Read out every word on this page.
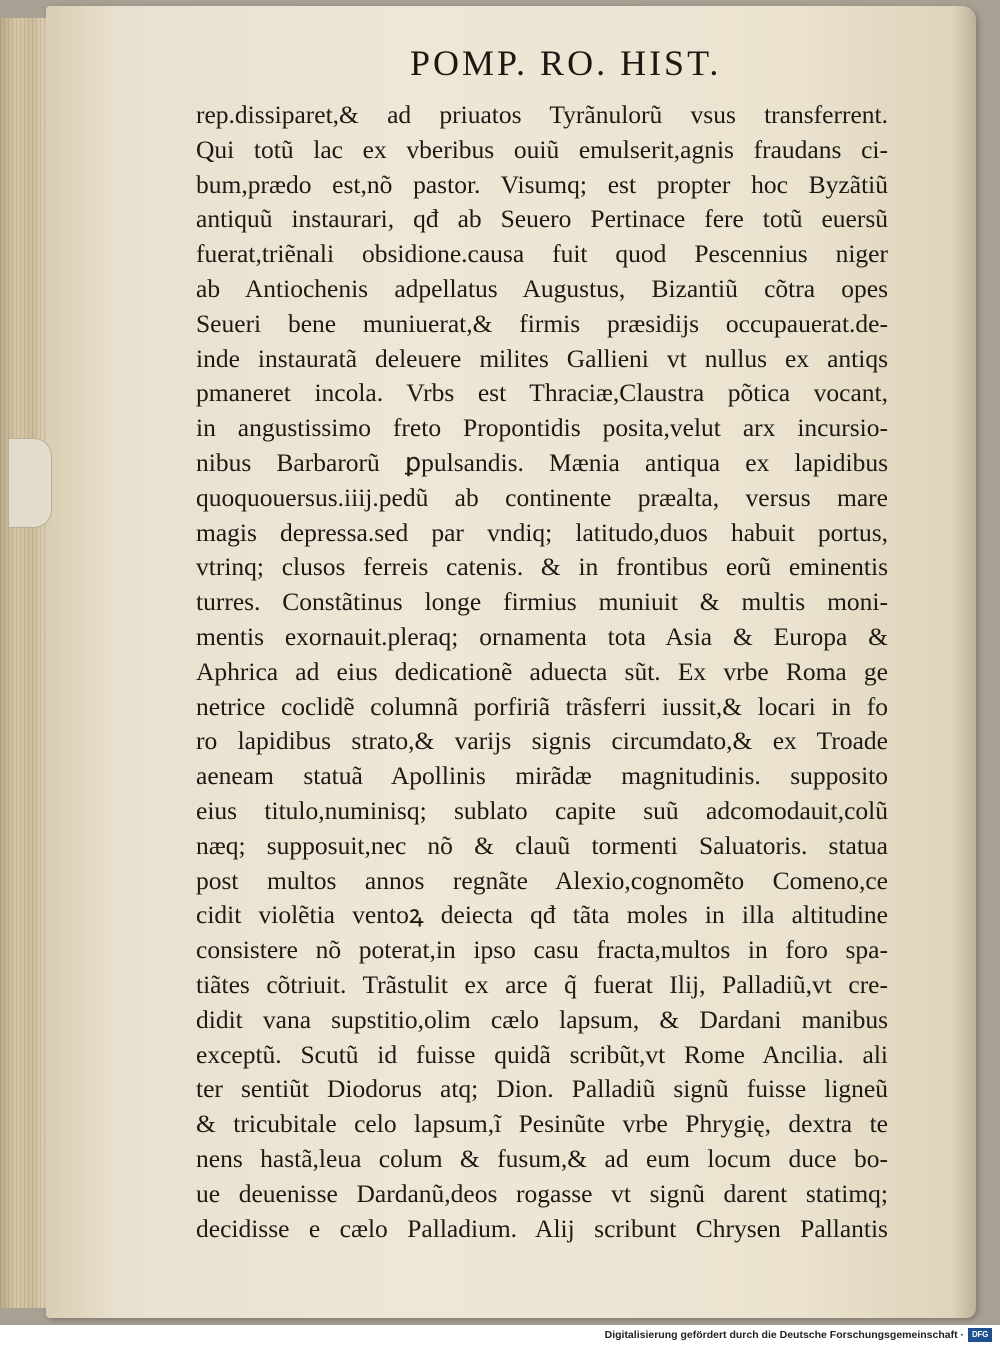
POMP. RO. HIST.
rep.dissiparet,& ad priuatos Tyrãnulorũ vsus transferrent.
Qui totũ lac ex vberibus ouiũ emulserit,agnis fraudans ci-
bum,prædo est,nõ pastor. Visumq; est propter hoc Byzãtiũ
antiquũ instaurari, qđ ab Seuero Pertinace fere totũ euersũ
fuerat,triẽnali obsidione.causa fuit quod Pescennius niger
ab Antiochenis adpellatus Augustus, Bizantiũ cõtra opes
Seueri bene muniuerat,& firmis præsidijs occupauerat.de-
inde instauratã deleuere milites Gallieni vt nullus ex antiqs
pmaneret incola. Vrbs est Thraciæ,Claustra põtica vocant,
in angustissimo freto Propontidis posita,velut arx incursio-
nibus Barbarorũ ꝑpulsandis. Mænia antiqua ex lapidibus
quoquouersus.iiij.pedũ ab continente præalta, versus mare
magis depressa.sed par vndiq; latitudo,duos habuit portus,
vtrinq; clusos ferreis catenis. & in frontibus eorũ eminentis
turres. Constãtinus longe firmius muniuit & multis moni-
mentis exornauit.pleraq; ornamenta tota Asia & Europa &
Aphrica ad eius dedicationẽ aduecta sũt. Ex vrbe Roma ge
netrice coclidẽ columnã porfiriã trãsferri iussit,& locari in fo
ro lapidibus strato,& varijs signis circumdato,& ex Troade
aeneam statuã Apollinis mirãdæ magnitudinis. supposito
eius titulo,numinisq; sublato capite suũ adcomodauit,colũ
næq; supposuit,nec nõ & clauũ tormenti Saluatoris. statua
post multos annos regnãte Alexio,cognomẽto Comeno,ce
cidit violẽtia ventoꝝ deiecta qđ tãta moles in illa altitudine
consistere nõ poterat,in ipso casu fracta,multos in foro spa-
tiãtes cõtriuit. Trãstulit ex arce q̃ fuerat Ilij, Palladiũ,vt cre-
didit vana supstitio,olim cælo lapsum, & Dardani manibus
exceptũ. Scutũ id fuisse quidã scribũt,vt Rome Ancilia. ali
ter sentiũt Diodorus atq; Dion. Palladiũ signũ fuisse ligneũ
& tricubitale celo lapsum,ĩ Pesinũte vrbe Phrygię, dextra te
nens hastã,leua colum & fusum,& ad eum locum duce bo-
ue deuenisse Dardanũ,deos rogasse vt signũ darent statimq;
decidisse e cælo Palladium. Alij scribunt Chrysen Pallantis
Digitalisierung gefördert durch die Deutsche Forschungsgemeinschaft ·	DFG
